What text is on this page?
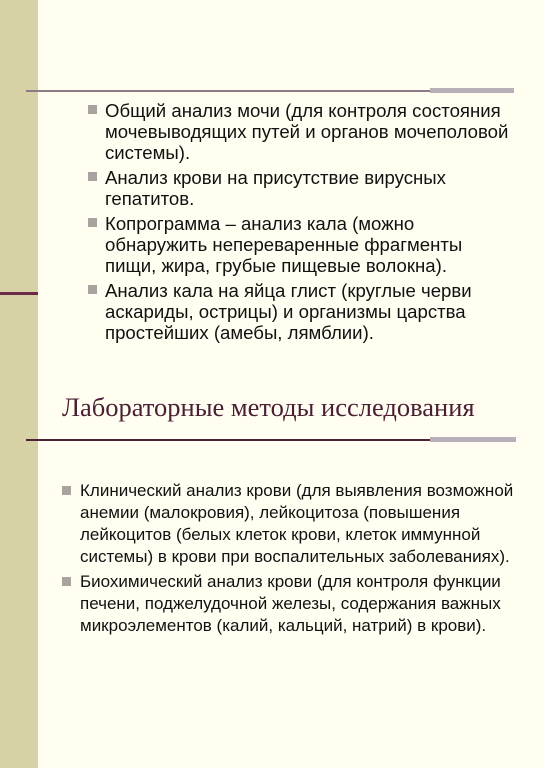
Общий анализ мочи (для контроля состояния мочевыводящих путей и органов мочеполовой системы).
Анализ крови на присутствие вирусных гепатитов.
Копрограмма – анализ кала (можно обнаружить непереваренные фрагменты пищи, жира, грубые пищевые волокна).
Анализ кала на яйца глист (круглые черви аскариды, острицы) и организмы царства простейших (амебы, лямблии).
Лабораторные методы исследования
Клинический анализ крови (для выявления возможной анемии (малокровия), лейкоцитоза (повышения лейкоцитов (белых клеток крови, клеток иммунной системы) в крови при воспалительных заболеваниях).
Биохимический анализ крови (для контроля функции печени, поджелудочной железы, содержания важных микроэлементов (калий, кальций, натрий) в крови).
